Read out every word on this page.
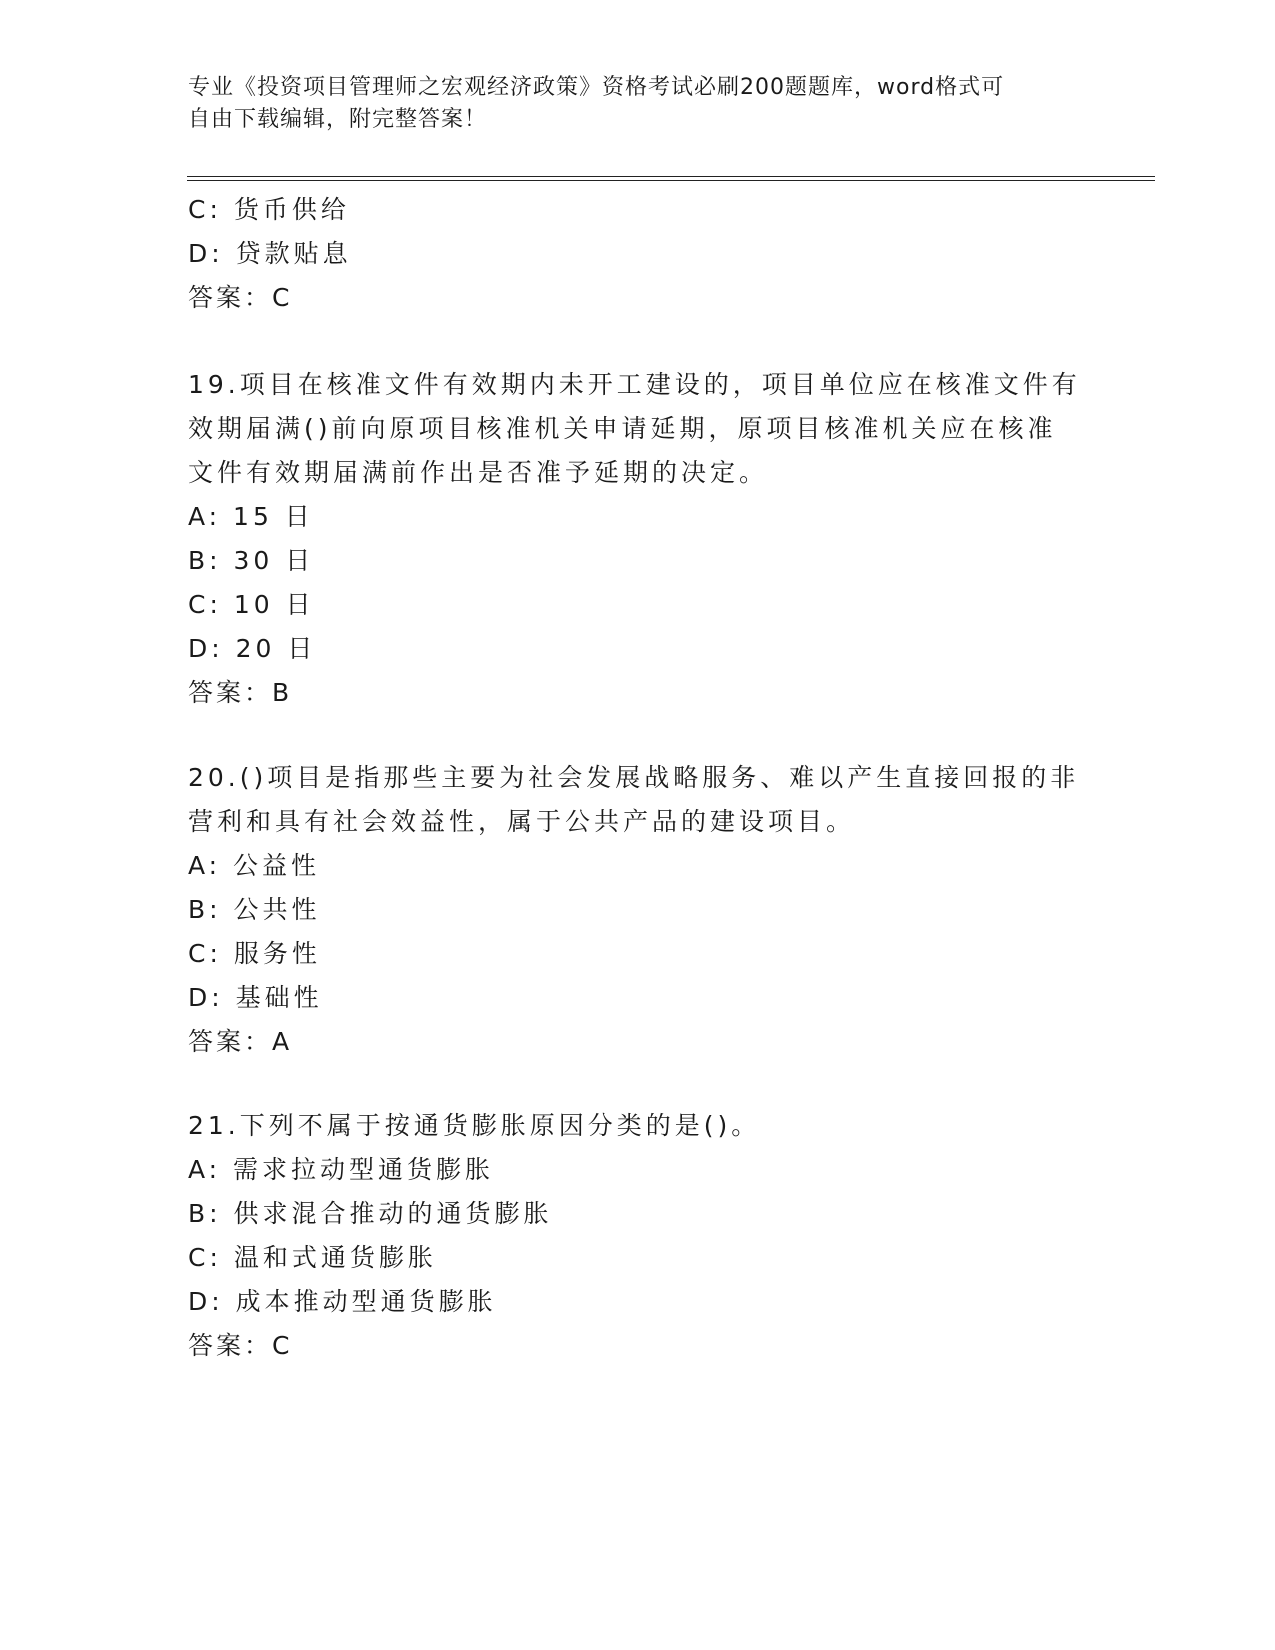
专业《投资项目管理师之宏观经济政策》资格考试必刷200题题库，word格式可
自由下载编辑，附完整答案！
C: 货币供给
D: 贷款贴息
答案：C
19.项目在核准文件有效期内未开工建设的，项目单位应在核准文件有
效期届满()前向原项目核准机关申请延期，原项目核准机关应在核准
文件有效期届满前作出是否准予延期的决定。
A: 15 日
B: 30 日
C: 10 日
D: 20 日
答案：B
20.()项目是指那些主要为社会发展战略服务、难以产生直接回报的非
营利和具有社会效益性，属于公共产品的建设项目。
A: 公益性
B: 公共性
C: 服务性
D: 基础性
答案：A
21.下列不属于按通货膨胀原因分类的是()。
A: 需求拉动型通货膨胀
B: 供求混合推动的通货膨胀
C: 温和式通货膨胀
D: 成本推动型通货膨胀
答案：C
